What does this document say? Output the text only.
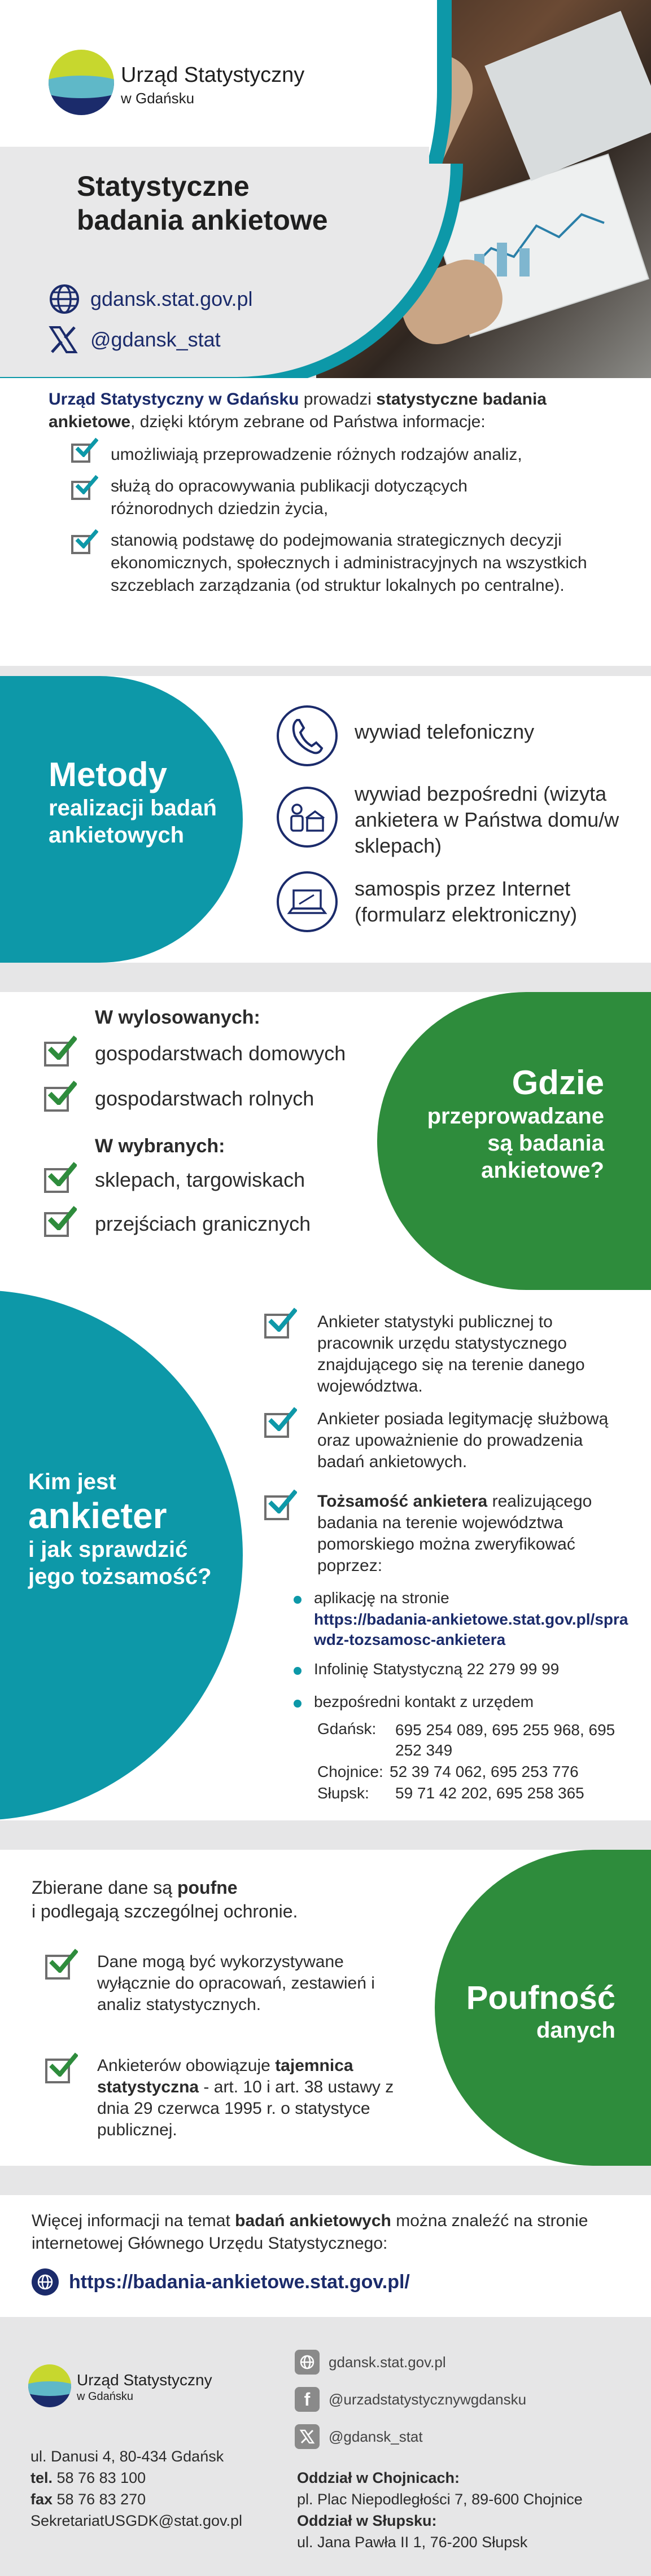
Urząd Statystyczny
w Gdańsku
Statystyczne
badania ankietowe
gdansk.stat.gov.pl
@gdansk_stat
Urząd Statystyczny w Gdańsku prowadzi statystyczne badania
ankietowe, dzięki którym zebrane od Państwa informacje:
umożliwiają przeprowadzenie różnych rodzajów analiz,
służą do opracowywania publikacji dotyczących różnorodnych dziedzin życia,
stanowią podstawę do podejmowania strategicznych decyzji ekonomicznych, społecznych i administracyjnych na wszystkich szczeblach zarządzania (od struktur lokalnych po centralne).
Metody
realizacji badań
ankietowych
wywiad telefoniczny
wywiad bezpośredni (wizyta ankietera w Państwa domu/w sklepach)
samospis przez Internet (formularz elektroniczny)
Gdzie
przeprowadzane
są badania
ankietowe?
W wylosowanych:
gospodarstwach domowych
gospodarstwach rolnych
W wybranych:
sklepach, targowiskach
przejściach granicznych
Kim jest
ankieter
i jak sprawdzić
jego tożsamość?
Ankieter statystyki publicznej to pracownik urzędu statystycznego znajdującego się na terenie danego województwa.
Ankieter posiada legitymację służbową oraz upoważnienie do prowadzenia badań ankietowych.
Tożsamość ankietera realizującego badania na terenie województwa pomorskiego można zweryfikować poprzez:
aplikację na stronie
https://badania-ankietowe.stat.gov.pl/sprawdz-tozsamosc-ankietera
Infolinię Statystyczną 22 279 99 99
bezpośredni kontakt z urzędem
Gdańsk: 695 254 089, 695 255 968, 695 252 349
Chojnice: 52 39 74 062, 695 253 776
Słupsk: 59 71 42 202, 695 258 365
Poufność
danych
Zbierane dane są poufne
i podlegają szczególnej ochronie.
Dane mogą być wykorzystywane wyłącznie do opracowań, zestawień i analiz statystycznych.
Ankieterów obowiązuje tajemnica statystyczna - art. 10 i art. 38 ustawy z dnia 29 czerwca 1995 r. o statystyce publicznej.
Więcej informacji na temat badań ankietowych można znaleźć na stronie internetowej Głównego Urzędu Statystycznego:
https://badania-ankietowe.stat.gov.pl/
Urząd Statystyczny
w Gdańsku
gdansk.stat.gov.pl
f	@urzadstatystycznywgdansku
@gdansk_stat
ul. Danusi 4, 80-434 Gdańsk
tel. 58 76 83 100
fax 58 76 83 270
SekretariatUSGDK@stat.gov.pl
Oddział w Chojnicach:
pl. Plac Niepodległości 7, 89-600 Chojnice
Oddział w Słupsku:
ul. Jana Pawła II 1, 76-200 Słupsk
